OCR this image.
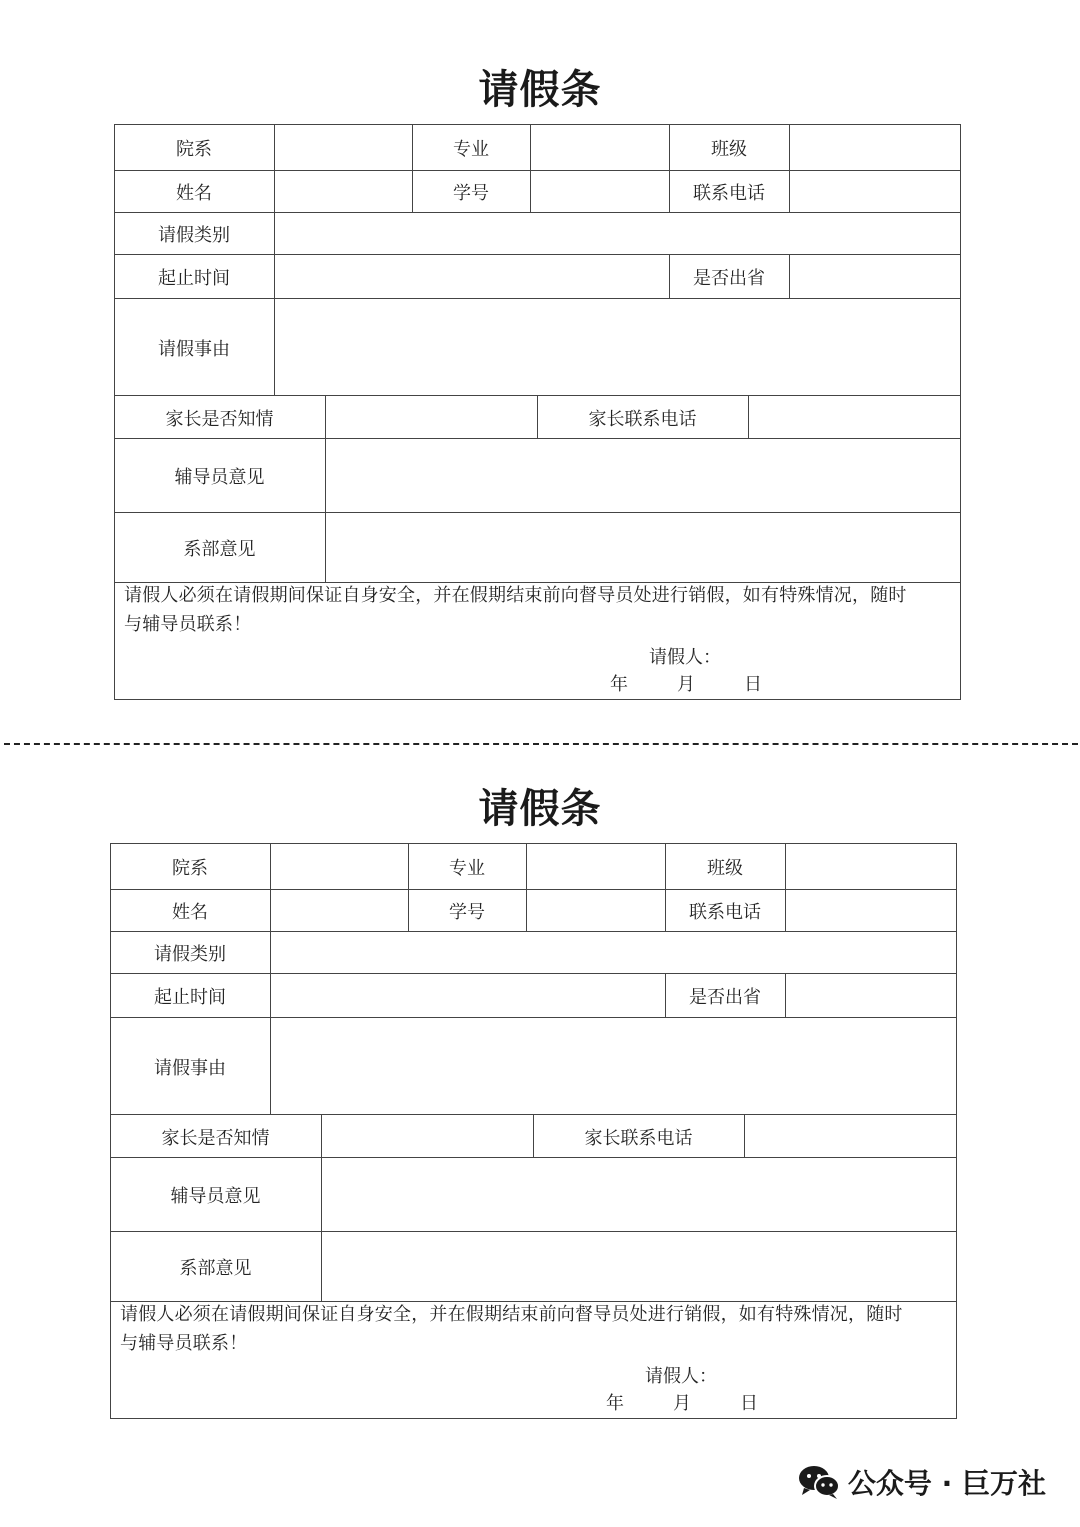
请假条
院系	专业	班级
姓名	学号	联系电话
请假类别
起止时间	是否出省
请假事由
家长是否知情	家长联系电话
辅导员意见
系部意见
请假人必须在请假期间保证自身安全，并在假期结束前向督导员处进行销假，如有特殊情况，随时
与辅导员联系！
请假人：
年	月	日
请假条
院系	专业	班级
姓名	学号	联系电话
请假类别
起止时间	是否出省
请假事由
家长是否知情	家长联系电话
辅导员意见
系部意见
请假人必须在请假期间保证自身安全，并在假期结束前向督导员处进行销假，如有特殊情况，随时
与辅导员联系！
请假人：
年	月	日
公众号 · 巨万社
